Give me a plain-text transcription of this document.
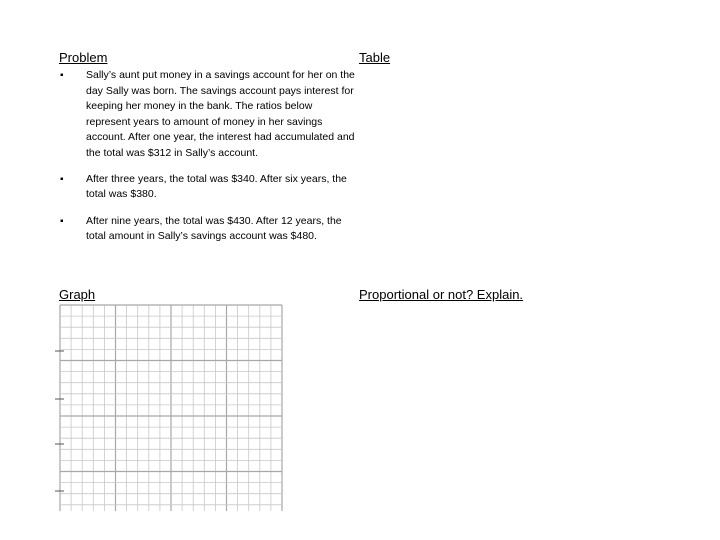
Problem	Table

▪ Sally’s aunt put money in a savings account for her on the day Sally was born. The savings account pays interest for keeping her money in the bank. The ratios below represent years to amount of money in her savings account. After one year, the interest had accumulated and the total was $312 in Sally’s account.
▪ After three years, the total was $340. After six years, the total was $380.
▪ After nine years, the total was $430. After 12 years, the total amount in Sally’s savings account was $480.

Graph	Proportional or not? Explain.
